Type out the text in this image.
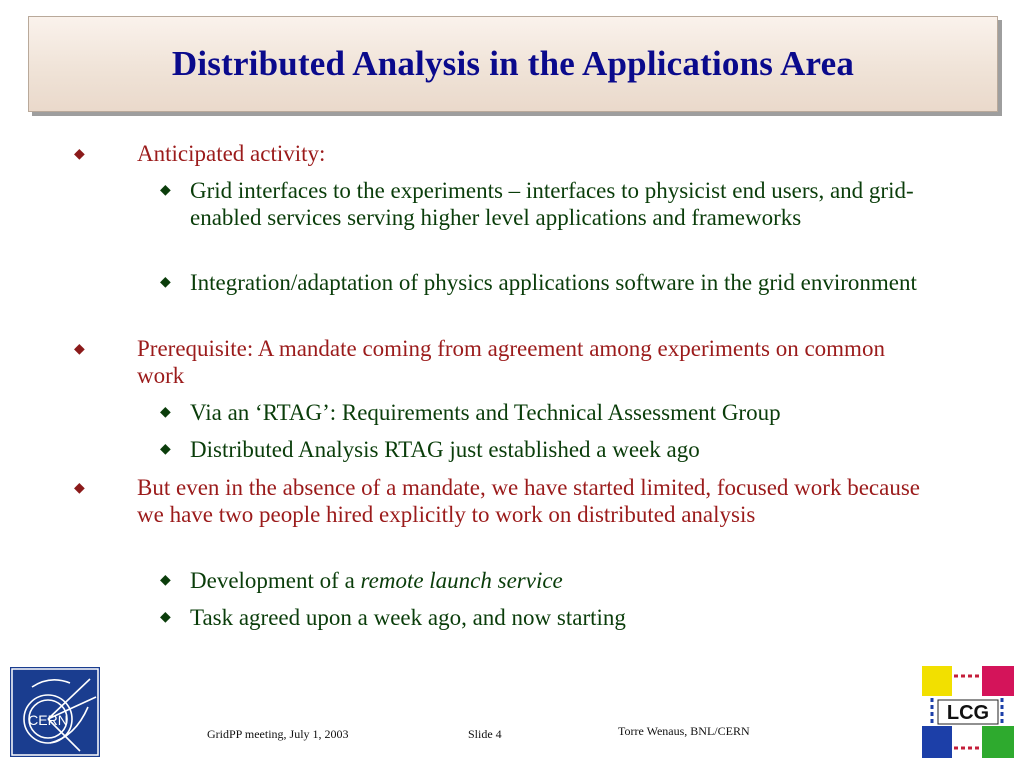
Distributed Analysis in the Applications Area
◆ Anticipated activity:
◆ Grid interfaces to the experiments – interfaces to physicist end users, and grid-enabled services serving higher level applications and frameworks
◆ Integration/adaptation of physics applications software in the grid environment
◆ Prerequisite: A mandate coming from agreement among experiments on common work
◆ Via an ‘RTAG’: Requirements and Technical Assessment Group
◆ Distributed Analysis RTAG just established a week ago
◆ But even in the absence of a mandate, we have started limited, focused work because we have two people hired explicitly to work on distributed analysis
◆ Development of a remote launch service
◆ Task agreed upon a week ago, and now starting
CERN
GridPP meeting, July 1, 2003	Slide 4	Torre Wenaus, BNL/CERN
LCG
